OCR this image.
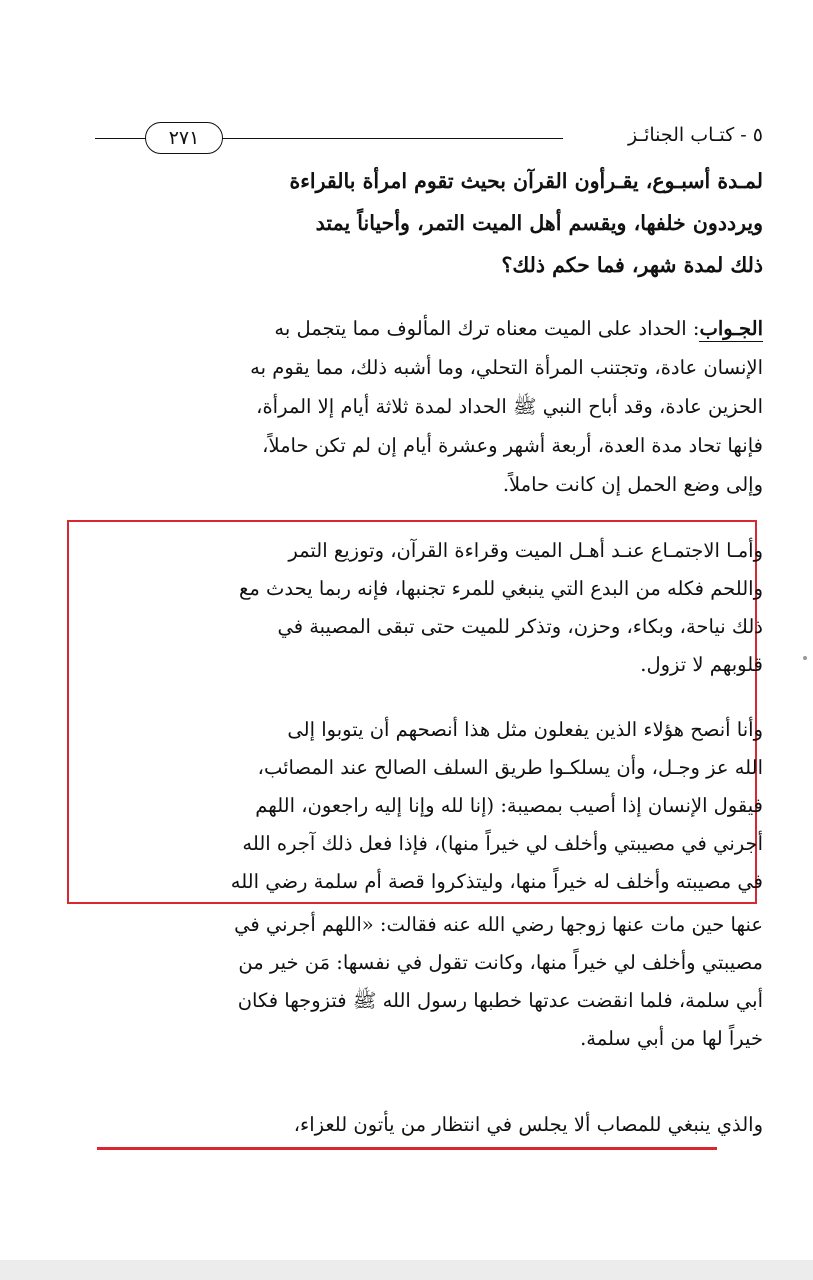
٢٧١	٥ - كتـاب الجنائـز
لمـدة أسبـوع، يقـرأون القرآن بحيث تقوم امرأة بالقراءة
ويرددون خلفها، ويقسم أهل الميت التمر، وأحياناً يمتد
ذلك لمدة شهر، فما حكم ذلك؟
الجـواب: الحداد على الميت معناه ترك المألوف مما يتجمل به
الإنسان عادة، وتجتنب المرأة التحلي، وما أشبه ذلك، مما يقوم به
الحزين عادة، وقد أباح النبي ﷺ الحداد لمدة ثلاثة أيام إلا المرأة،
فإنها تحاد مدة العدة، أربعة أشهر وعشرة أيام إن لم تكن حاملاً،
وإلى وضع الحمل إن كانت حاملاً.
وأمـا الاجتمـاع عنـد أهـل الميت وقراءة القرآن، وتوزيع التمر
واللحم فكله من البدع التي ينبغي للمرء تجنبها، فإنه ربما يحدث مع
ذلك نياحة، وبكاء، وحزن، وتذكر للميت حتى تبقى المصيبة في
قلوبهم لا تزول.
وأنا أنصح هؤلاء الذين يفعلون مثل هذا أنصحهم أن يتوبوا إلى
الله عز وجـل، وأن يسلكـوا طريق السلف الصالح عند المصائب،
فيقول الإنسان إذا أصيب بمصيبة: (إنا لله وإنا إليه راجعون، اللهم
أجرني في مصيبتي وأخلف لي خيراً منها)، فإذا فعل ذلك آجره الله
في مصيبته وأخلف له خيراً منها، وليتذكروا قصة أم سلمة رضي الله
عنها حين مات عنها زوجها رضي الله عنه فقالت: «اللهم أجرني في
مصيبتي وأخلف لي خيراً منها، وكانت تقول في نفسها: مَن خير من
أبي سلمة، فلما انقضت عدتها خطبها رسول الله ﷺ فتزوجها فكان
خيراً لها من أبي سلمة.
والذي ينبغي للمصاب ألا يجلس في انتظار من يأتون للعزاء،
